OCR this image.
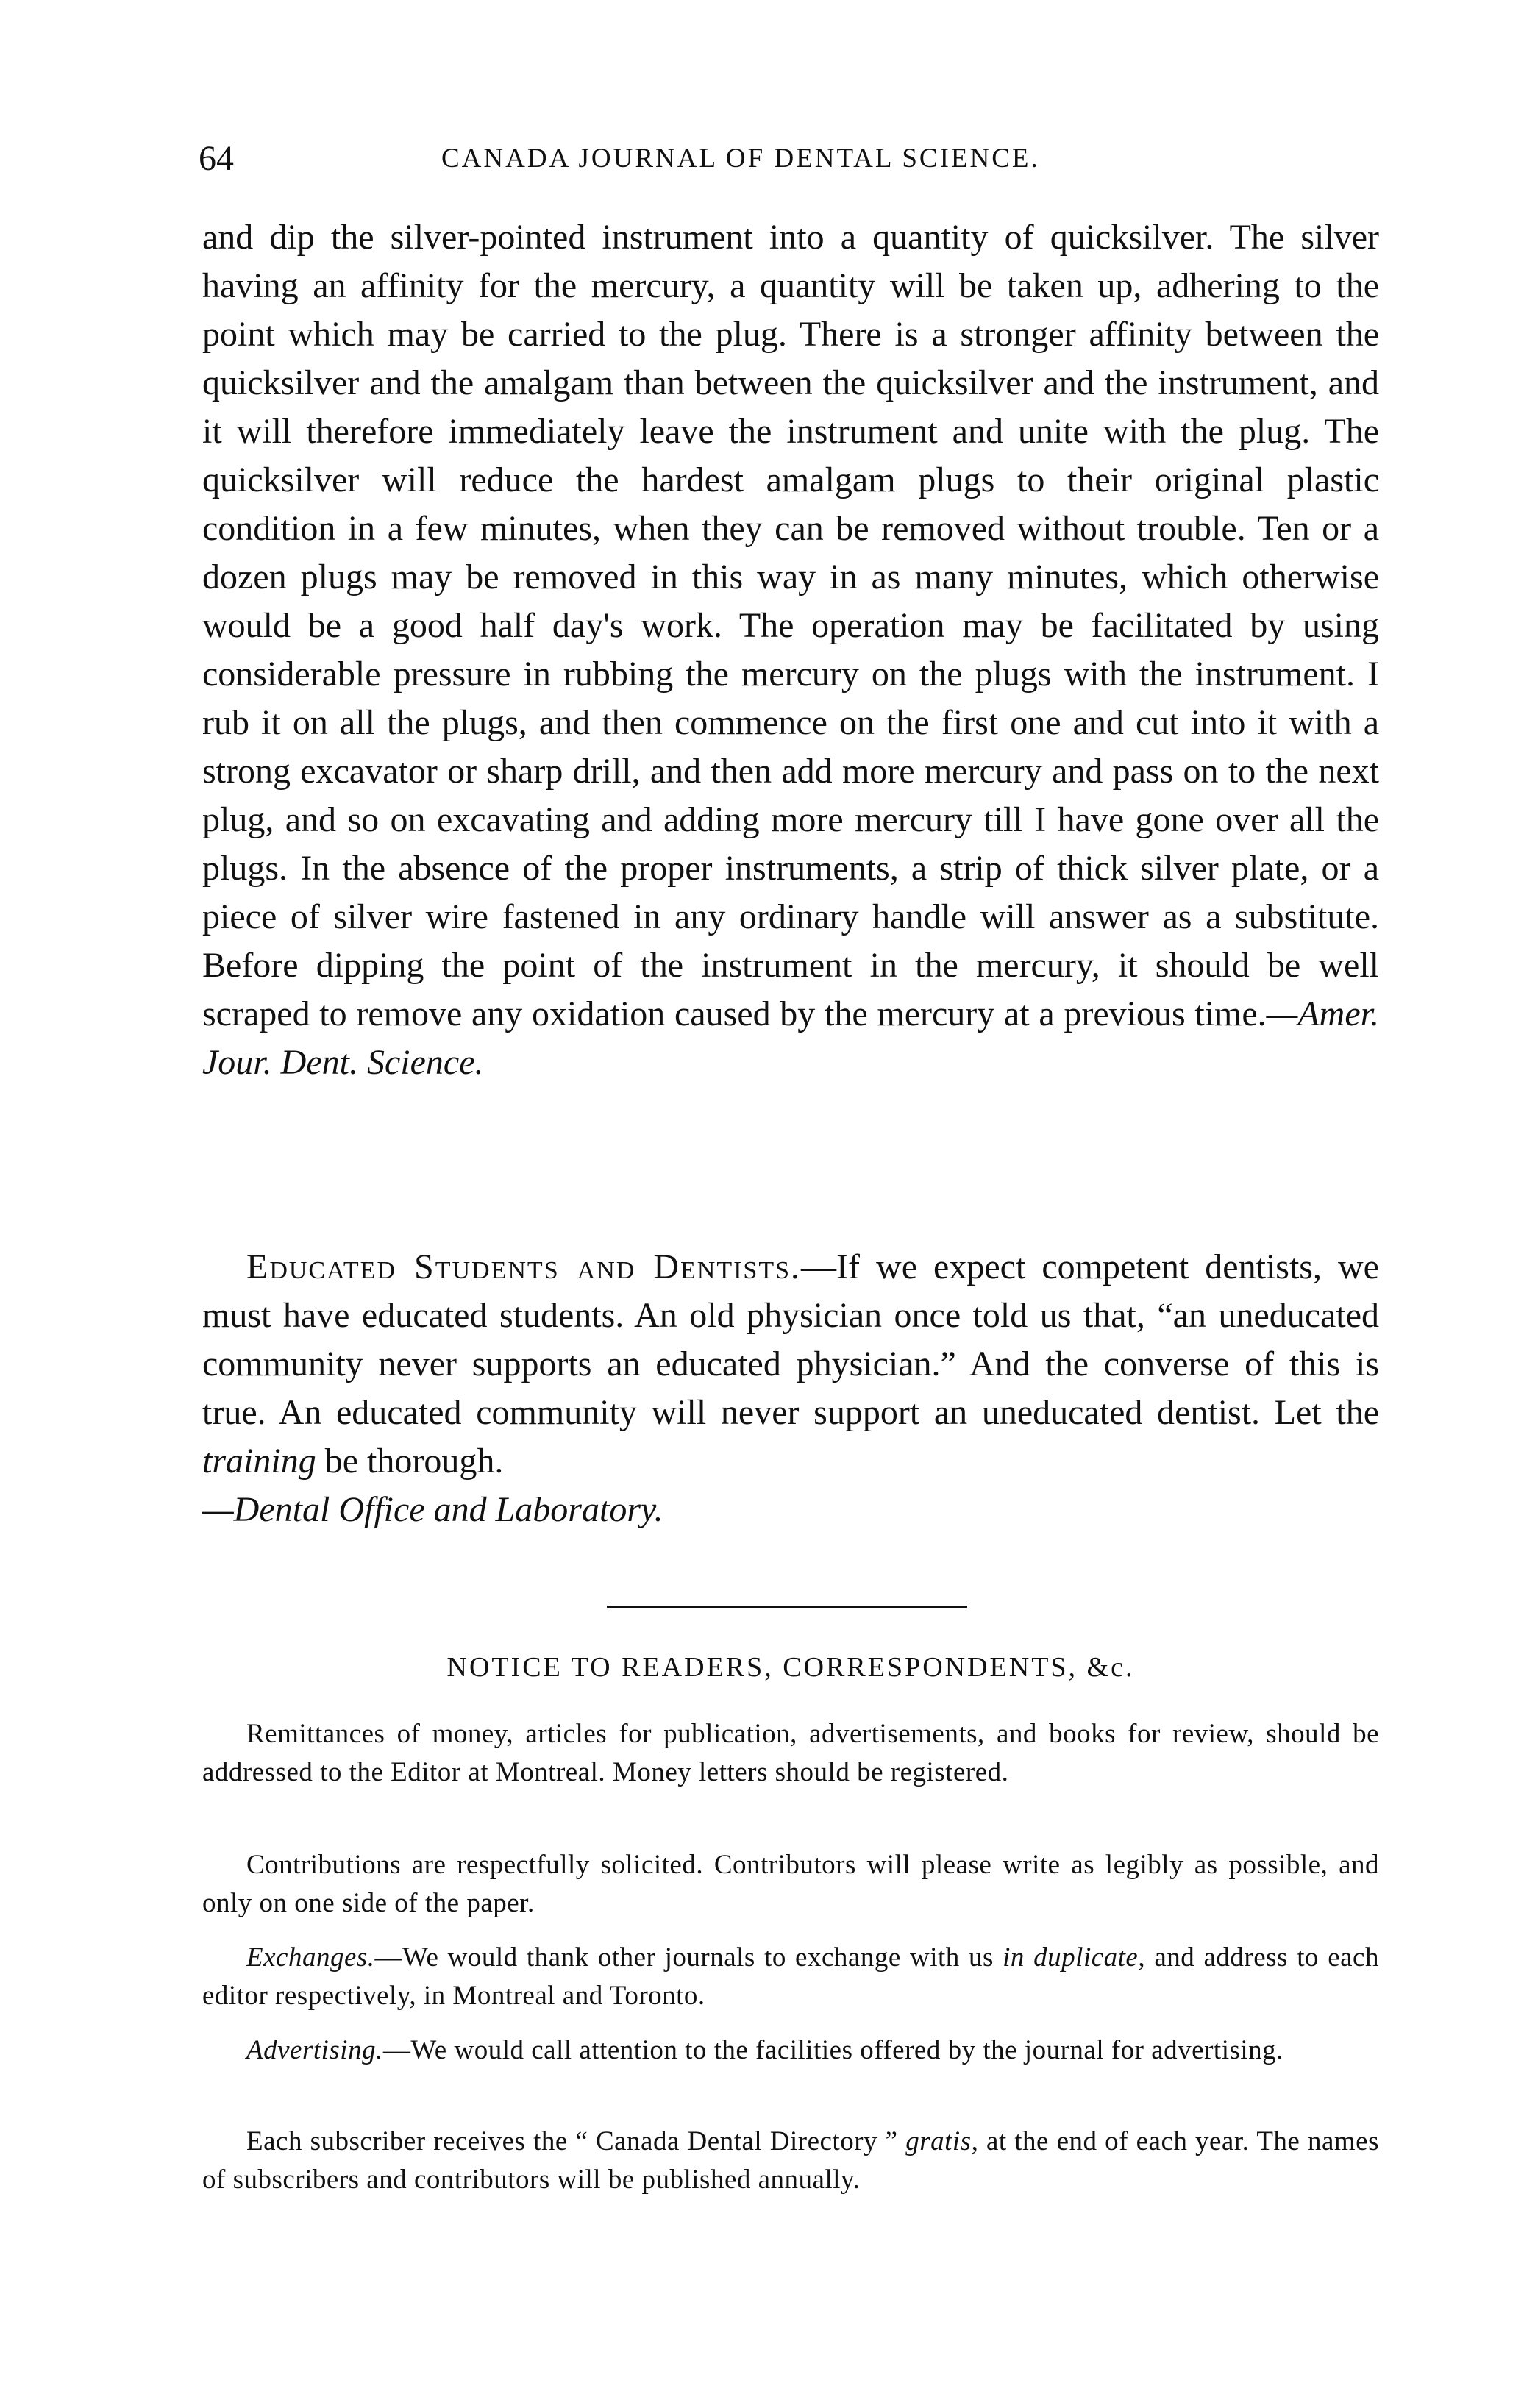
64	CANADA JOURNAL OF DENTAL SCIENCE.

and dip the silver-pointed instrument into a quantity of quicksilver. The silver having an affinity for the mercury, a quantity will be taken up, adhering to the point which may be carried to the plug. There is a stronger affinity between the quicksilver and the amalgam than between the quicksilver and the instrument, and it will therefore immediately leave the instrument and unite with the plug. The quicksilver will reduce the hardest amalgam plugs to their original plastic condition in a few minutes, when they can be removed without trouble. Ten or a dozen plugs may be removed in this way in as many minutes, which otherwise would be a good half day's work. The operation may be facilitated by using considerable pressure in rubbing the mercury on the plugs with the instrument. I rub it on all the plugs, and then commence on the first one and cut into it with a strong excavator or sharp drill, and then add more mercury and pass on to the next plug, and so on excavating and adding more mercury till I have gone over all the plugs. In the absence of the proper instruments, a strip of thick silver plate, or a piece of silver wire fastened in any ordinary handle will answer as a substitute. Before dipping the point of the instrument in the mercury, it should be well scraped to remove any oxidation caused by the mercury at a previous time.—Amer. Jour. Dent. Science.

Educated Students and Dentists.—If we expect competent dentists, we must have educated students. An old physician once told us that, “an uneducated community never supports an educated physician.” And the converse of this is true. An educated community will never support an uneducated dentist. Let the training be thorough.
—Dental Office and Laboratory.

NOTICE TO READERS, CORRESPONDENTS, &c.

Remittances of money, articles for publication, advertisements, and books for review, should be addressed to the Editor at Montreal. Money letters should be registered.

Contributions are respectfully solicited. Contributors will please write as legibly as possible, and only on one side of the paper.

Exchanges.—We would thank other journals to exchange with us in duplicate, and address to each editor respectively, in Montreal and Toronto.

Advertising.—We would call attention to the facilities offered by the journal for advertising.

Each subscriber receives the “ Canada Dental Directory ” gratis, at the end of each year. The names of subscribers and contributors will be published annually.
